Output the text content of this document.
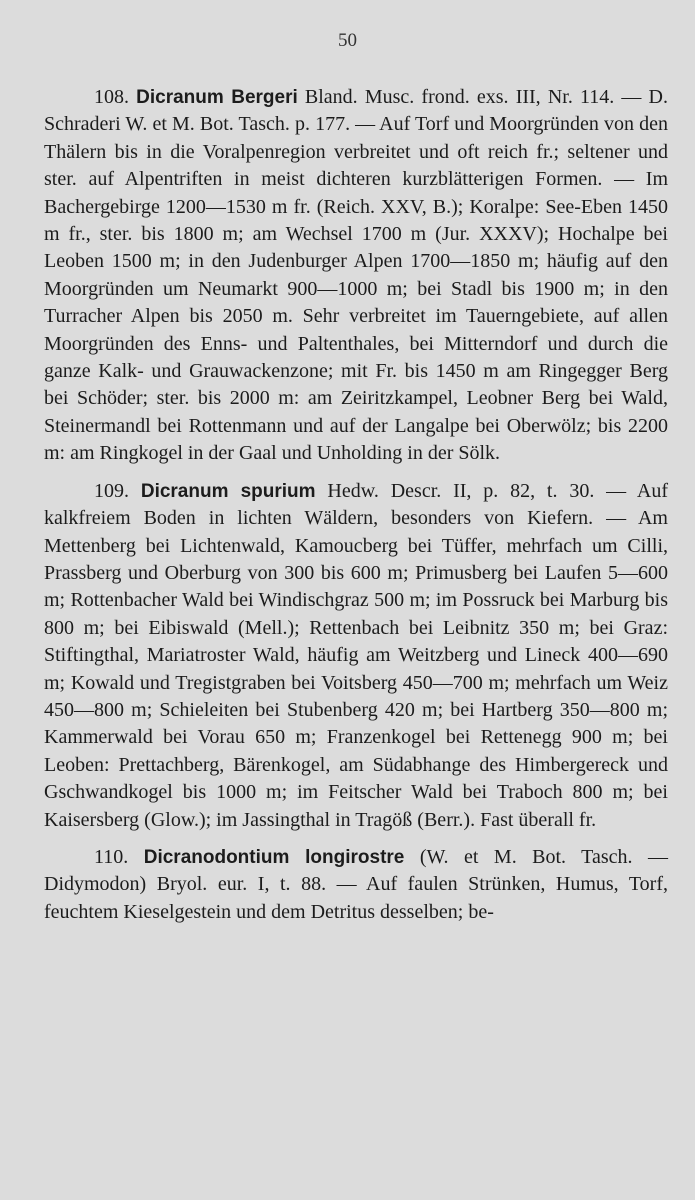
50

108. Dicranum Bergeri Bland. Musc. frond. exs. III, Nr. 114. — D. Schraderi W. et M. Bot. Tasch. p. 177. — Auf Torf und Moorgründen von den Thälern bis in die Voralpenregion verbreitet und oft reich fr.; seltener und ster. auf Alpentriften in meist dichteren kurzblätterigen Formen. — Im Bachergebirge 1200—1530 m fr. (Reich. XXV, B.); Koralpe: See-Eben 1450 m fr., ster. bis 1800 m; am Wechsel 1700 m (Jur. XXXV); Hochalpe bei Leoben 1500 m; in den Judenburger Alpen 1700—1850 m; häufig auf den Moorgründen um Neumarkt 900—1000 m; bei Stadl bis 1900 m; in den Turracher Alpen bis 2050 m. Sehr verbreitet im Tauerngebiete, auf allen Moorgründen des Enns- und Paltenthales, bei Mitterndorf und durch die ganze Kalk- und Grauwackenzone; mit Fr. bis 1450 m am Ringegger Berg bei Schöder; ster. bis 2000 m: am Zeiritzkampel, Leobner Berg bei Wald, Steinermandl bei Rottenmann und auf der Langalpe bei Oberwölz; bis 2200 m: am Ringkogel in der Gaal und Unholding in der Sölk.

109. Dicranum spurium Hedw. Descr. II, p. 82, t. 30. — Auf kalkfreiem Boden in lichten Wäldern, besonders von Kiefern. — Am Mettenberg bei Lichtenwald, Kamoucberg bei Tüffer, mehrfach um Cilli, Prassberg und Oberburg von 300 bis 600 m; Primusberg bei Laufen 5—600 m; Rottenbacher Wald bei Windischgraz 500 m; im Possruck bei Marburg bis 800 m; bei Eibiswald (Mell.); Rettenbach bei Leibnitz 350 m; bei Graz: Stiftingthal, Mariatroster Wald, häufig am Weitzberg und Lineck 400—690 m; Kowald und Tregistgraben bei Voitsberg 450—700 m; mehrfach um Weiz 450—800 m; Schieleiten bei Stubenberg 420 m; bei Hartberg 350—800 m; Kammerwald bei Vorau 650 m; Franzenkogel bei Rettenegg 900 m; bei Leoben: Prettachberg, Bärenkogel, am Südabhange des Himbergereck und Gschwandkogel bis 1000 m; im Feitscher Wald bei Traboch 800 m; bei Kaisersberg (Glow.); im Jassingthal in Tragöß (Berr.). Fast überall fr.

110. Dicranodontium longirostre (W. et M. Bot. Tasch. — Didymodon) Bryol. eur. I, t. 88. — Auf faulen Strünken, Humus, Torf, feuchtem Kieselgestein und dem Detritus desselben; be-
